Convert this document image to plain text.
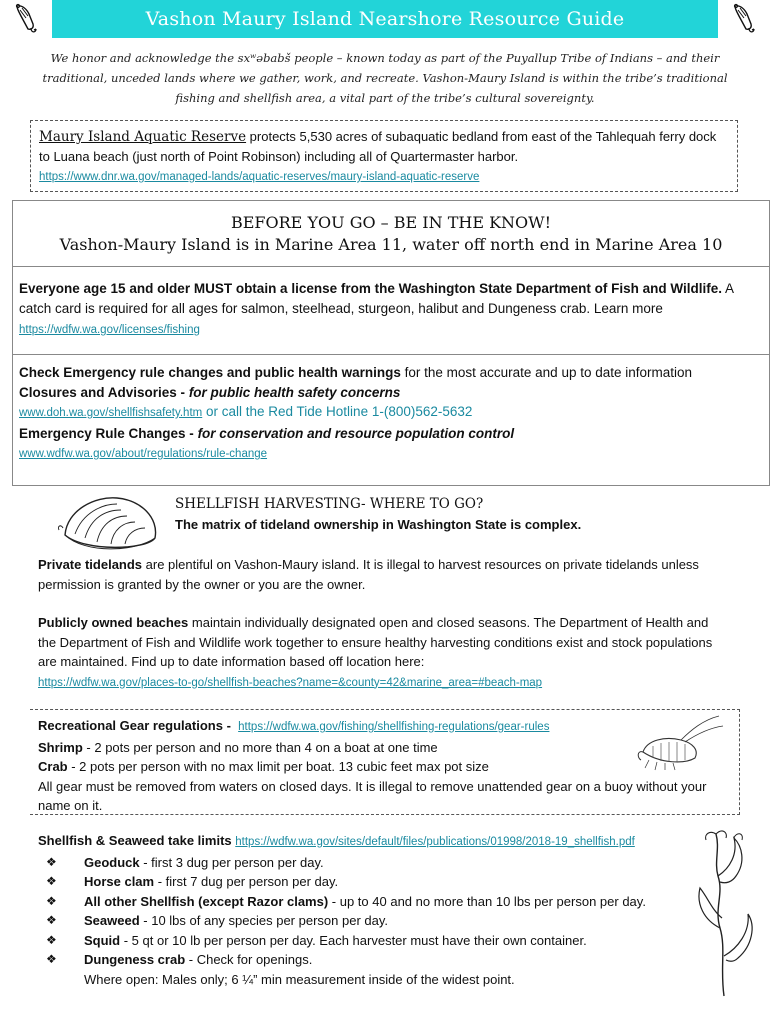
Vashon Maury Island Nearshore Resource Guide
We honor and acknowledge the sxʷəbabš people – known today as part of the Puyallup Tribe of Indians – and their traditional, unceded lands where we gather, work, and recreate. Vashon-Maury Island is within the tribe’s traditional fishing and shellfish area, a vital part of the tribe’s cultural sovereignty.
Maury Island Aquatic Reserve protects 5,530 acres of subaquatic bedland from east of the Tahlequah ferry dock to Luana beach (just north of Point Robinson) including all of Quartermaster harbor.
https://www.dnr.wa.gov/managed-lands/aquatic-reserves/maury-island-aquatic-reserve
BEFORE YOU GO – BE IN THE KNOW!
Vashon-Maury Island is in Marine Area 11, water off north end in Marine Area 10
Everyone age 15 and older MUST obtain a license from the Washington State Department of Fish and Wildlife. A catch card is required for all ages for salmon, steelhead, sturgeon, halibut and Dungeness crab. Learn more
https://wdfw.wa.gov/licenses/fishing
Check Emergency rule changes and public health warnings for the most accurate and up to date information
Closures and Advisories - for public health safety concerns
www.doh.wa.gov/shellfishsafety.htm or call the Red Tide Hotline 1-(800)562-5632
Emergency Rule Changes - for conservation and resource population control
www.wdfw.wa.gov/about/regulations/rule-change
SHELLFISH HARVESTING- WHERE TO GO?
The matrix of tideland ownership in Washington State is complex.
Private tidelands are plentiful on Vashon-Maury island. It is illegal to harvest resources on private tidelands unless permission is granted by the owner or you are the owner.
Publicly owned beaches maintain individually designated open and closed seasons. The Department of Health and the Department of Fish and Wildlife work together to ensure healthy harvesting conditions exist and stock populations are maintained. Find up to date information based off location here:
https://wdfw.wa.gov/places-to-go/shellfish-beaches?name=&county=42&marine_area=#beach-map
Recreational Gear regulations - https://wdfw.wa.gov/fishing/shellfishing-regulations/gear-rules
Shrimp - 2 pots per person and no more than 4 on a boat at one time
Crab - 2 pots per person with no max limit per boat. 13 cubic feet max pot size
All gear must be removed from waters on closed days. It is illegal to remove unattended gear on a buoy without your name on it.
Shellfish & Seaweed take limits https://wdfw.wa.gov/sites/default/files/publications/01998/2018-19_shellfish.pdf
❖ Geoduck - first 3 dug per person per day.
❖ Horse clam - first 7 dug per person per day.
❖ All other Shellfish (except Razor clams) - up to 40 and no more than 10 lbs per person per day.
❖ Seaweed - 10 lbs of any species per person per day.
❖ Squid - 5 qt or 10 lb per person per day. Each harvester must have their own container.
❖ Dungeness crab - Check for openings.
Where open: Males only; 6 ¼” min measurement inside of the widest point.
